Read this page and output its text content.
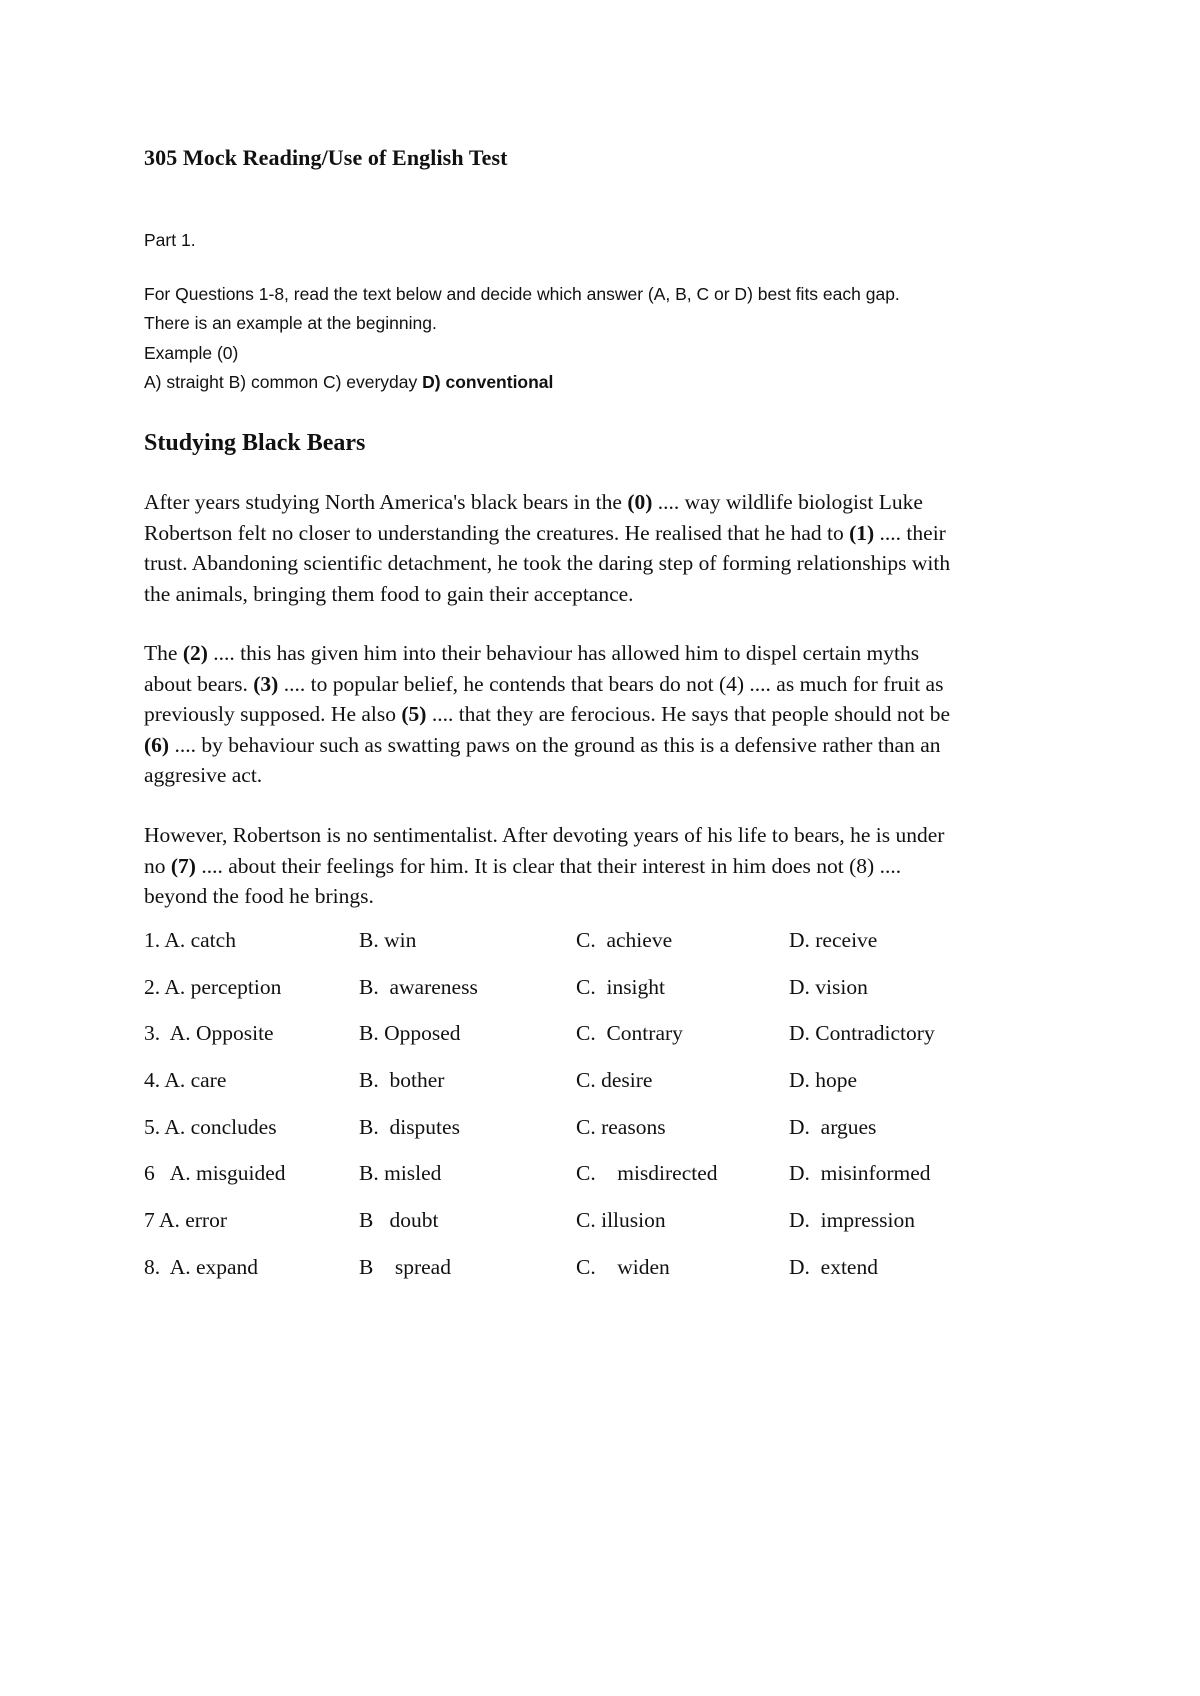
305 Mock Reading/Use of English Test
Part 1.
For Questions 1-8, read the text below and decide which answer (A, B, C or D) best fits each gap.
There is an example at the beginning.
Example (0)
A) straight B) common C) everyday D) conventional
Studying Black Bears
After years studying North America's black bears in the (0) .... way wildlife biologist Luke
Robertson felt no closer to understanding the creatures. He realised that he had to (1) .... their
trust. Abandoning scientific detachment, he took the daring step of forming relationships with
the animals, bringing them food to gain their acceptance.
The (2) .... this has given him into their behaviour has allowed him to dispel certain myths
about bears. (3) .... to popular belief, he contends that bears do not (4) .... as much for fruit as
previously supposed. He also (5) .... that they are ferocious. He says that people should not be
(6) .... by behaviour such as swatting paws on the ground as this is a defensive rather than an
aggresive act.
However, Robertson is no sentimentalist. After devoting years of his life to bears, he is under
no (7) .... about their feelings for him. It is clear that their interest in him does not (8) ....
beyond the food he brings.
1. A. catch	B. win	C.  achieve	D. receive
2. A. perception	B.  awareness	C.  insight	D. vision
3.  A. Opposite	B. Opposed	C.  Contrary	D. Contradictory
4. A. care	B.  bother	C. desire	D. hope
5. A. concludes	B.  disputes	C. reasons	D.  argues
6   A. misguided	B. misled	C.    misdirected	D.  misinformed
7 A. error	B   doubt	C. illusion	D.  impression
8.  A. expand	B    spread	C.    widen	D.  extend
